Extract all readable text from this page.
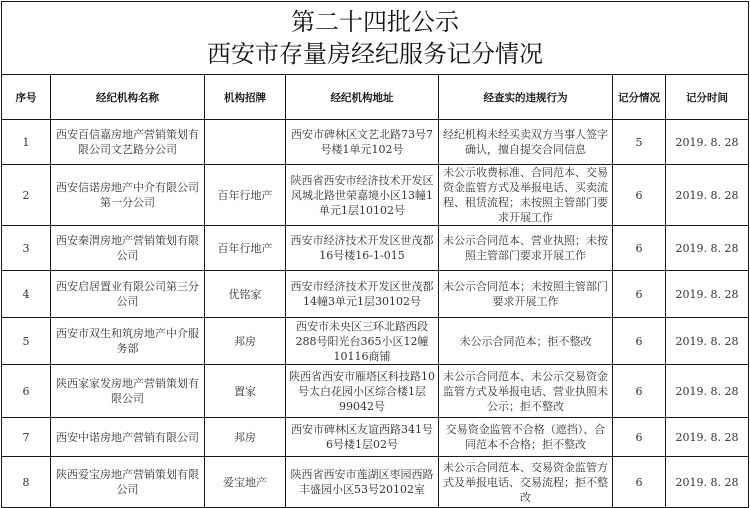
第二十四批公示
西安市存量房经纪服务记分情况						

序号	经纪机构名称	机构招牌	经纪机构地址	经查实的违规行为	记分情况	记分时间
1	西安百信嘉房地产营销策划有限公司文艺路分公司		西安市碑林区文艺北路73号7号楼1单元102号	经纪机构未经买卖双方当事人签字确认，擅自提交合同信息	5	2019. 8. 28
2	西安信诺房地产中介有限公司第一分公司	百年行地产	陕西省西安市经济技术开发区风城北路世荣嘉境小区13幢1单元1层10102号	未公示收费标准、合同范本、交易资金监管方式及举报电话、买卖流程、租赁流程；未按照主管部门要求开展工作	6	2019. 8. 28
3	西安秦渭房地产营销策划有限公司	百年行地产	西安市经济技术开发区世茂都16号楼16-1-015	未公示合同范本、营业执照；未按照主管部门要求开展工作	6	2019. 8. 28
4	西安启居置业有限公司第三分公司	优铭家	西安市经济技术开发区世茂都14幢3单元1层30102号	未公示合同范本；未按照主管部门要求开展工作	6	2019. 8. 28
5	西安市双生和筑房地产中介服务部	邦房	西安市未央区三环北路西段288号阳光台365小区12幢10116商铺	未公示合同范本；拒不整改	6	2019. 8. 28
6	陕西家家发房地产营销策划有限公司	置家	陕西省西安市雁塔区科技路10号太白花园小区综合楼1层99042号	未公示合同范本、未公示交易资金监管方式及举报电话、营业执照未公示；拒不整改	6	2019. 8. 28
7	西安中诺房地产营销有限公司	邦房	西安市碑林区友谊西路341号6号楼1层02号	交易资金监管不合格（遮挡）、合同范本不合格；拒不整改	6	2019. 8. 28
8	陕西爱宝房地产营销策划有限公司	爱宝地产	陕西省西安市莲湖区枣园西路丰盛园小区53号20102室	未公示合同范本、交易资金监管方式及举报电话、交易流程；拒不整改	6	2019. 8. 28
